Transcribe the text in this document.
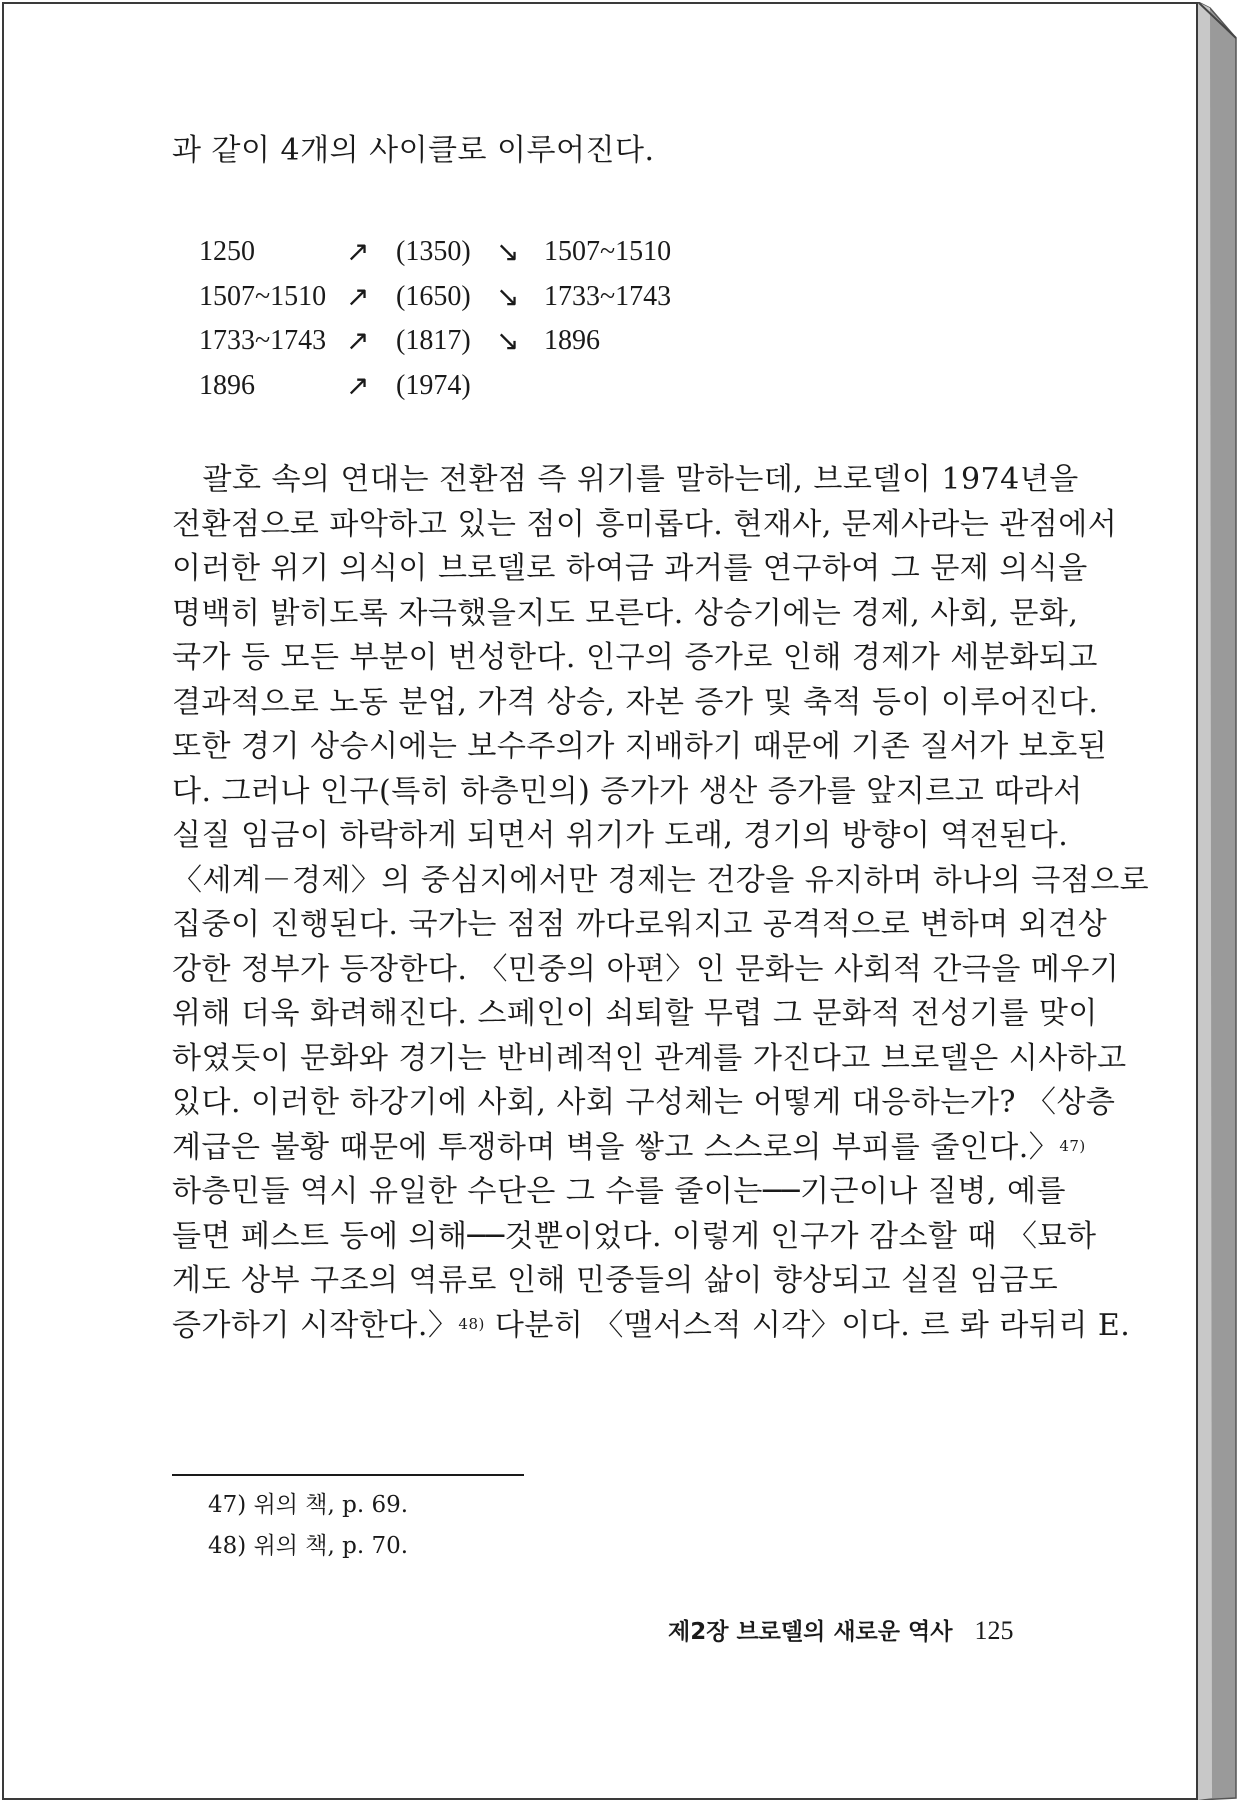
과 같이 4개의 사이클로 이루어진다.
1250	↗	(1350)	↘	1507~1510
1507~1510	↗	(1650)	↘	1733~1743
1733~1743	↗	(1817)	↘	1896
1896	↗	(1974)		
　괄호 속의 연대는 전환점 즉 위기를 말하는데, 브로델이 1974년을
전환점으로 파악하고 있는 점이 흥미롭다. 현재사, 문제사라는 관점에서
이러한 위기 의식이 브로델로 하여금 과거를 연구하여 그 문제 의식을
명백히 밝히도록 자극했을지도 모른다. 상승기에는 경제, 사회, 문화,
국가 등 모든 부분이 번성한다. 인구의 증가로 인해 경제가 세분화되고
결과적으로 노동 분업, 가격 상승, 자본 증가 및 축적 등이 이루어진다.
또한 경기 상승시에는 보수주의가 지배하기 때문에 기존 질서가 보호된
다. 그러나 인구(특히 하층민의) 증가가 생산 증가를 앞지르고 따라서
실질 임금이 하락하게 되면서 위기가 도래, 경기의 방향이 역전된다.
〈세계－경제〉의 중심지에서만 경제는 건강을 유지하며 하나의 극점으로
집중이 진행된다. 국가는 점점 까다로워지고 공격적으로 변하며 외견상
강한 정부가 등장한다. 〈민중의 아편〉인 문화는 사회적 간극을 메우기
위해 더욱 화려해진다. 스페인이 쇠퇴할 무렵 그 문화적 전성기를 맞이
하였듯이 문화와 경기는 반비례적인 관계를 가진다고 브로델은 시사하고
있다. 이러한 하강기에 사회, 사회 구성체는 어떻게 대응하는가? 〈상층
계급은 불황 때문에 투쟁하며 벽을 쌓고 스스로의 부피를 줄인다.〉$^{47)}$
하층민들 역시 유일한 수단은 그 수를 줄이는──기근이나 질병, 예를
들면 페스트 등에 의해──것뿐이었다. 이렇게 인구가 감소할 때 〈묘하
게도 상부 구조의 역류로 인해 민중들의 삶이 향상되고 실질 임금도
증가하기 시작한다.〉$^{48)}$ 다분히 〈맬서스적 시각〉이다. 르 롸 라뒤리 E.
47) 위의 책, p. 69.
48) 위의 책, p. 70.
제2장 브로델의 새로운 역사 125
